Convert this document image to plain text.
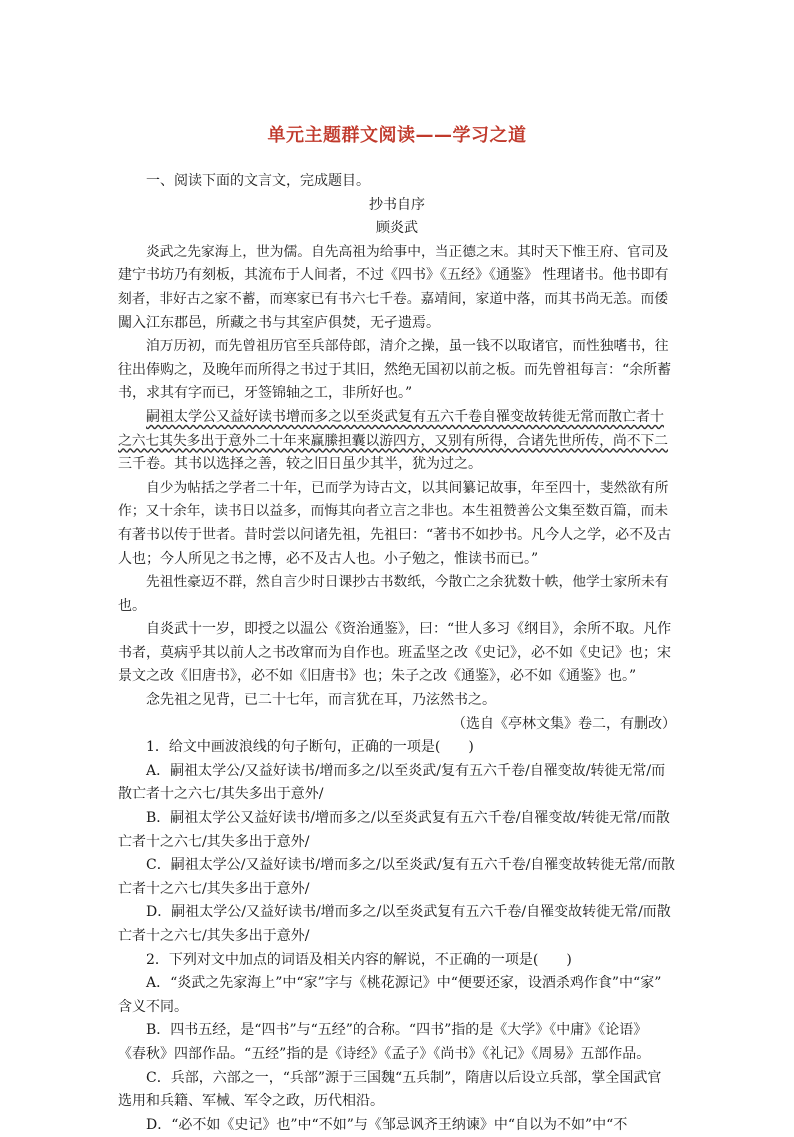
单元主题群文阅读——学习之道
一、阅读下面的文言文，完成题目。
抄书自序
顾炎武
炎武之先家海上，世为儒。自先高祖为给事中，当正德之末。其时天下惟王府、官司及
建宁书坊乃有刻板，其流布于人间者，不过《四书》《五经》《通鉴》 性理诸书。他书即有
刻者，非好古之家不蓄，而寒家已有书六七千卷。嘉靖间，家道中落，而其书尚无恙。而倭
闖入江东郡邑，所藏之书与其室庐俱焚，无孑遗焉。
洎万历初，而先曾祖历官至兵部侍郎，清介之操，虽一钱不以取诸官，而性独嗜书，往
往出俸购之，及晚年而所得之书过于其旧，然绝无国初以前之板。而先曾祖每言：“余所蓄
书，求其有字而已，牙签锦轴之工，非所好也。”
嗣祖太学公又益好读书增而多之以至炎武复有五六千卷自罹变故转徙无常而散亡者十
之六七其失多出于意外二十年来赢縢担囊以游四方，又别有所得，合诸先世所传，尚不下二
三千卷。其书以选择之善，较之旧日虽少其半，犹为过之。
自少为帖括之学者二十年，已而学为诗古文，以其间纂记故事，年至四十，斐然欲有所
作；又十余年，读书日以益多，而悔其向者立言之非也。本生祖赞善公文集至数百篇，而未
有著书以传于世者。昔时尝以问诸先祖，先祖曰：“著书不如抄书。凡今人之学，必不及古
人也；今人所见之书之博，必不及古人也。小子勉之，惟读书而已。”
先祖性豪迈不群，然自言少时日课抄古书数纸，今散亡之余犹数十帙，他学士家所未有
也。
自炎武十一岁，即授之以温公《资治通鉴》，曰：“世人多习《纲目》，余所不取。凡作
书者，莫病乎其以前人之书改窜而为自作也。班孟坚之改《史记》，必不如《史记》也；宋
景文之改《旧唐书》，必不如《旧唐书》也；朱子之改《通鉴》，必不如《通鉴》也。”
念先祖之见背，已二十七年，而言犹在耳，乃泫然书之。
（选自《亭林文集》卷二，有删改）
1．给文中画波浪线的句子断句，正确的一项是(　　)
A．嗣祖太学公/又益好读书/增而多之/以至炎武/复有五六千卷/自罹变故/转徙无常/而
散亡者十之六七/其失多出于意外/
B．嗣祖太学公又益好读书/增而多之/以至炎武复有五六千卷/自罹变故/转徙无常/而散
亡者十之六七/其失多出于意外/
C．嗣祖太学公/又益好读书/增而多之/以至炎武/复有五六千卷/自罹变故转徙无常/而散
亡者十之六七/其失多出于意外/
D．嗣祖太学公/又益好读书/增而多之/以至炎武复有五六千卷/自罹变故转徙无常/而散
亡者十之六七/其失多出于意外/
2．下列对文中加点的词语及相关内容的解说，不正确的一项是(　　)
A．“炎武之先家海上”中“家”字与《桃花源记》中“便要还家，设酒杀鸡作食”中“家”
含义不同。
B．四书五经，是“四书”与“五经”的合称。“四书”指的是《大学》《中庸》《论语》
《春秋》四部作品。“五经”指的是《诗经》《孟子》《尚书》《礼记》《周易》五部作品。
C．兵部，六部之一，“兵部”源于三国魏“五兵制”，隋唐以后设立兵部，掌全国武官
选用和兵籍、军械、军令之政，历代相沿。
D．“必不如《史记》也”中“不如”与《邹忌讽齐王纳谏》中“自以为不如”中“不
